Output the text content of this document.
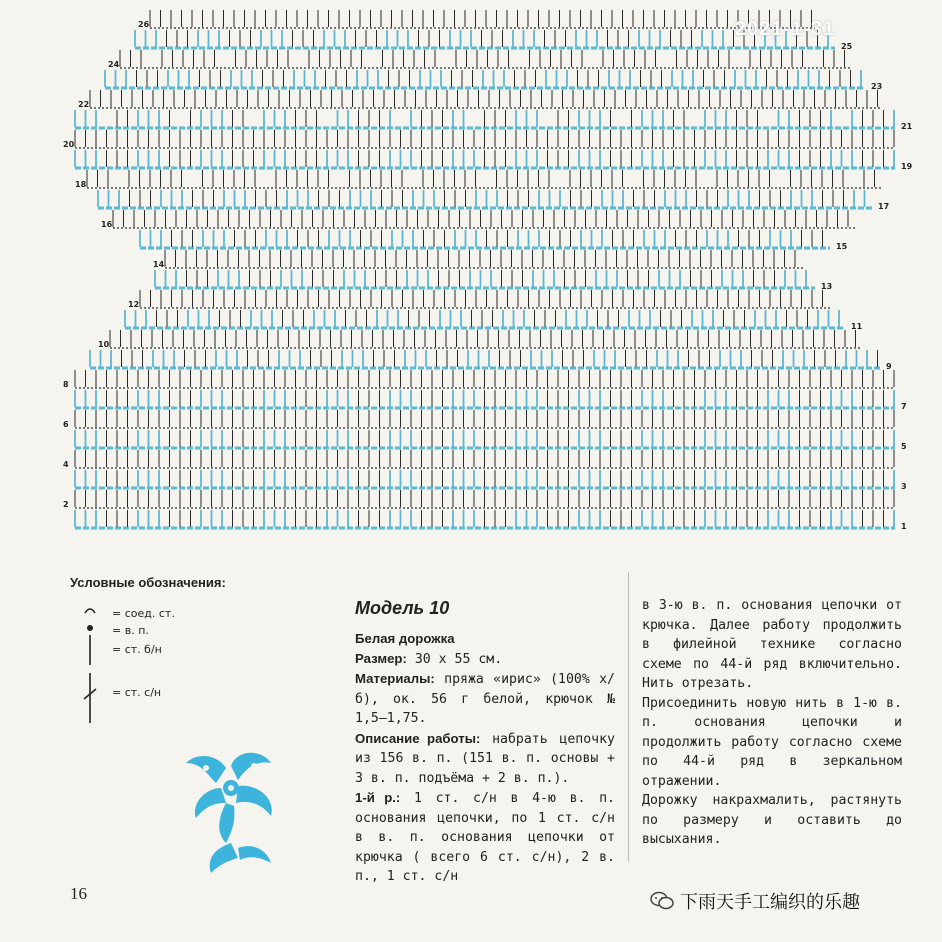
2021-1-31
2
4
6
8
10
12
14
16
18
20
22
24
26
1
3
5
7
9
11
13
15
17
19
21
23
25
Условные обозначения:
= соед. ст.
= в. п.
= ст. б/н
= ст. с/н
Модель 10

Белая дорожка

Размер: 30 х 55 см.

Материалы: пряжа «ирис» (100% х/б), ок. 56 г белой, крючок № 1,5–1,75.

Описание работы: набрать цепочку из 156 в. п. (151 в. п. основы + 3 в. п. подъёма + 2 в. п.).

1-й р.: 1 ст. с/н в 4-ю в. п. основания цепочки, по 1 ст. с/н в в. п. основания цепочки от крючка ( всего 6 ст. с/н), 2 в. п., 1 ст. с/н

в 3-ю в. п. основания цепочки от крючка. Далее работу продолжить в филейной технике согласно схеме по 44-й ряд включительно. Нить отрезать.

Присоединить новую нить в 1-ю в. п. основания цепочки и продолжить работу согласно схеме по 44-й ряд в зеркальном отражении.

Дорожку накрахмалить, растянуть по размеру и оставить до высыхания.

16	下雨天手工编织的乐趣
